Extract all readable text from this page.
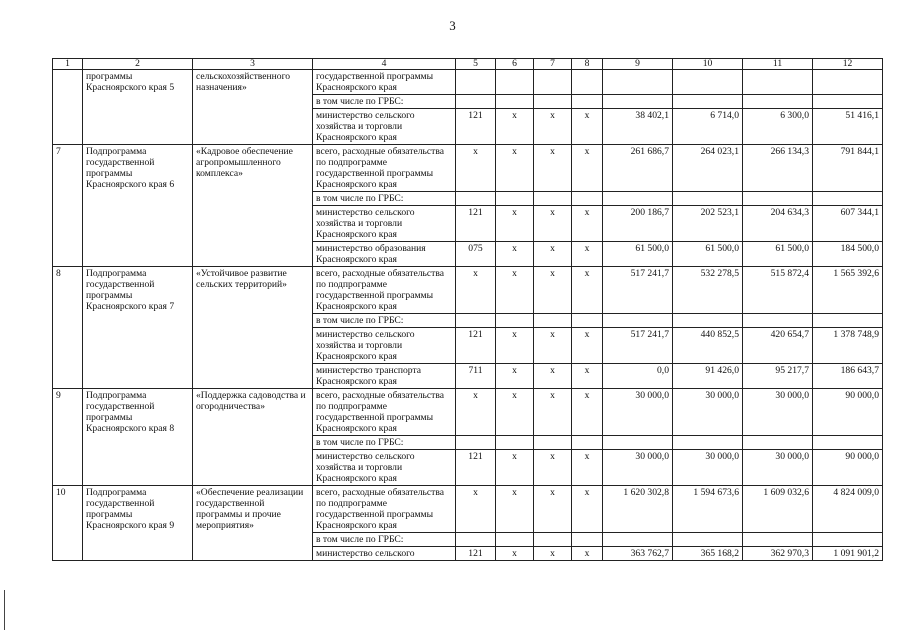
3
1	2	3	4	5	6	7	8	9	10	11	12
	программы Красноярского края 5	сельскохозяйственного назначения»	государственной программы Красноярского края								
			в том числе по ГРБС:								
			министерство сельского хозяйства и торговли Красноярского края	121	x	x	x	38 402,1	6 714,0	6 300,0	51 416,1
7	Подпрограмма государственной программы Красноярского края 6	«Кадровое обеспечение агропромышленного комплекса»	всего, расходные обязательства по подпрограмме государственной программы Красноярского края	x	x	x	x	261 686,7	264 023,1	266 134,3	791 844,1
			в том числе по ГРБС:								
			министерство сельского хозяйства и торговли Красноярского края	121	x	x	x	200 186,7	202 523,1	204 634,3	607 344,1
			министерство образования Красноярского края	075	x	x	x	61 500,0	61 500,0	61 500,0	184 500,0
8	Подпрограмма государственной программы Красноярского края 7	«Устойчивое развитие сельских территорий»	всего, расходные обязательства по подпрограмме государственной программы Красноярского края	x	x	x	x	517 241,7	532 278,5	515 872,4	1 565 392,6
			в том числе по ГРБС:								
			министерство сельского хозяйства и торговли Красноярского края	121	x	x	x	517 241,7	440 852,5	420 654,7	1 378 748,9
			министерство транспорта Красноярского края	711	x	x	x	0,0	91 426,0	95 217,7	186 643,7
9	Подпрограмма государственной программы Красноярского края 8	«Поддержка садоводства и огородничества»	всего, расходные обязательства по подпрограмме государственной программы Красноярского края	x	x	x	x	30 000,0	30 000,0	30 000,0	90 000,0
			в том числе по ГРБС:								
			министерство сельского хозяйства и торговли Красноярского края	121	x	x	x	30 000,0	30 000,0	30 000,0	90 000,0
10	Подпрограмма государственной программы Красноярского края 9	«Обеспечение реализации государственной программы и прочие мероприятия»	всего, расходные обязательства по подпрограмме государственной программы Красноярского края	x	x	x	x	1 620 302,8	1 594 673,6	1 609 032,6	4 824 009,0
			в том числе по ГРБС:								
			министерство сельского	121	x	x	x	363 762,7	365 168,2	362 970,3	1 091 901,2
